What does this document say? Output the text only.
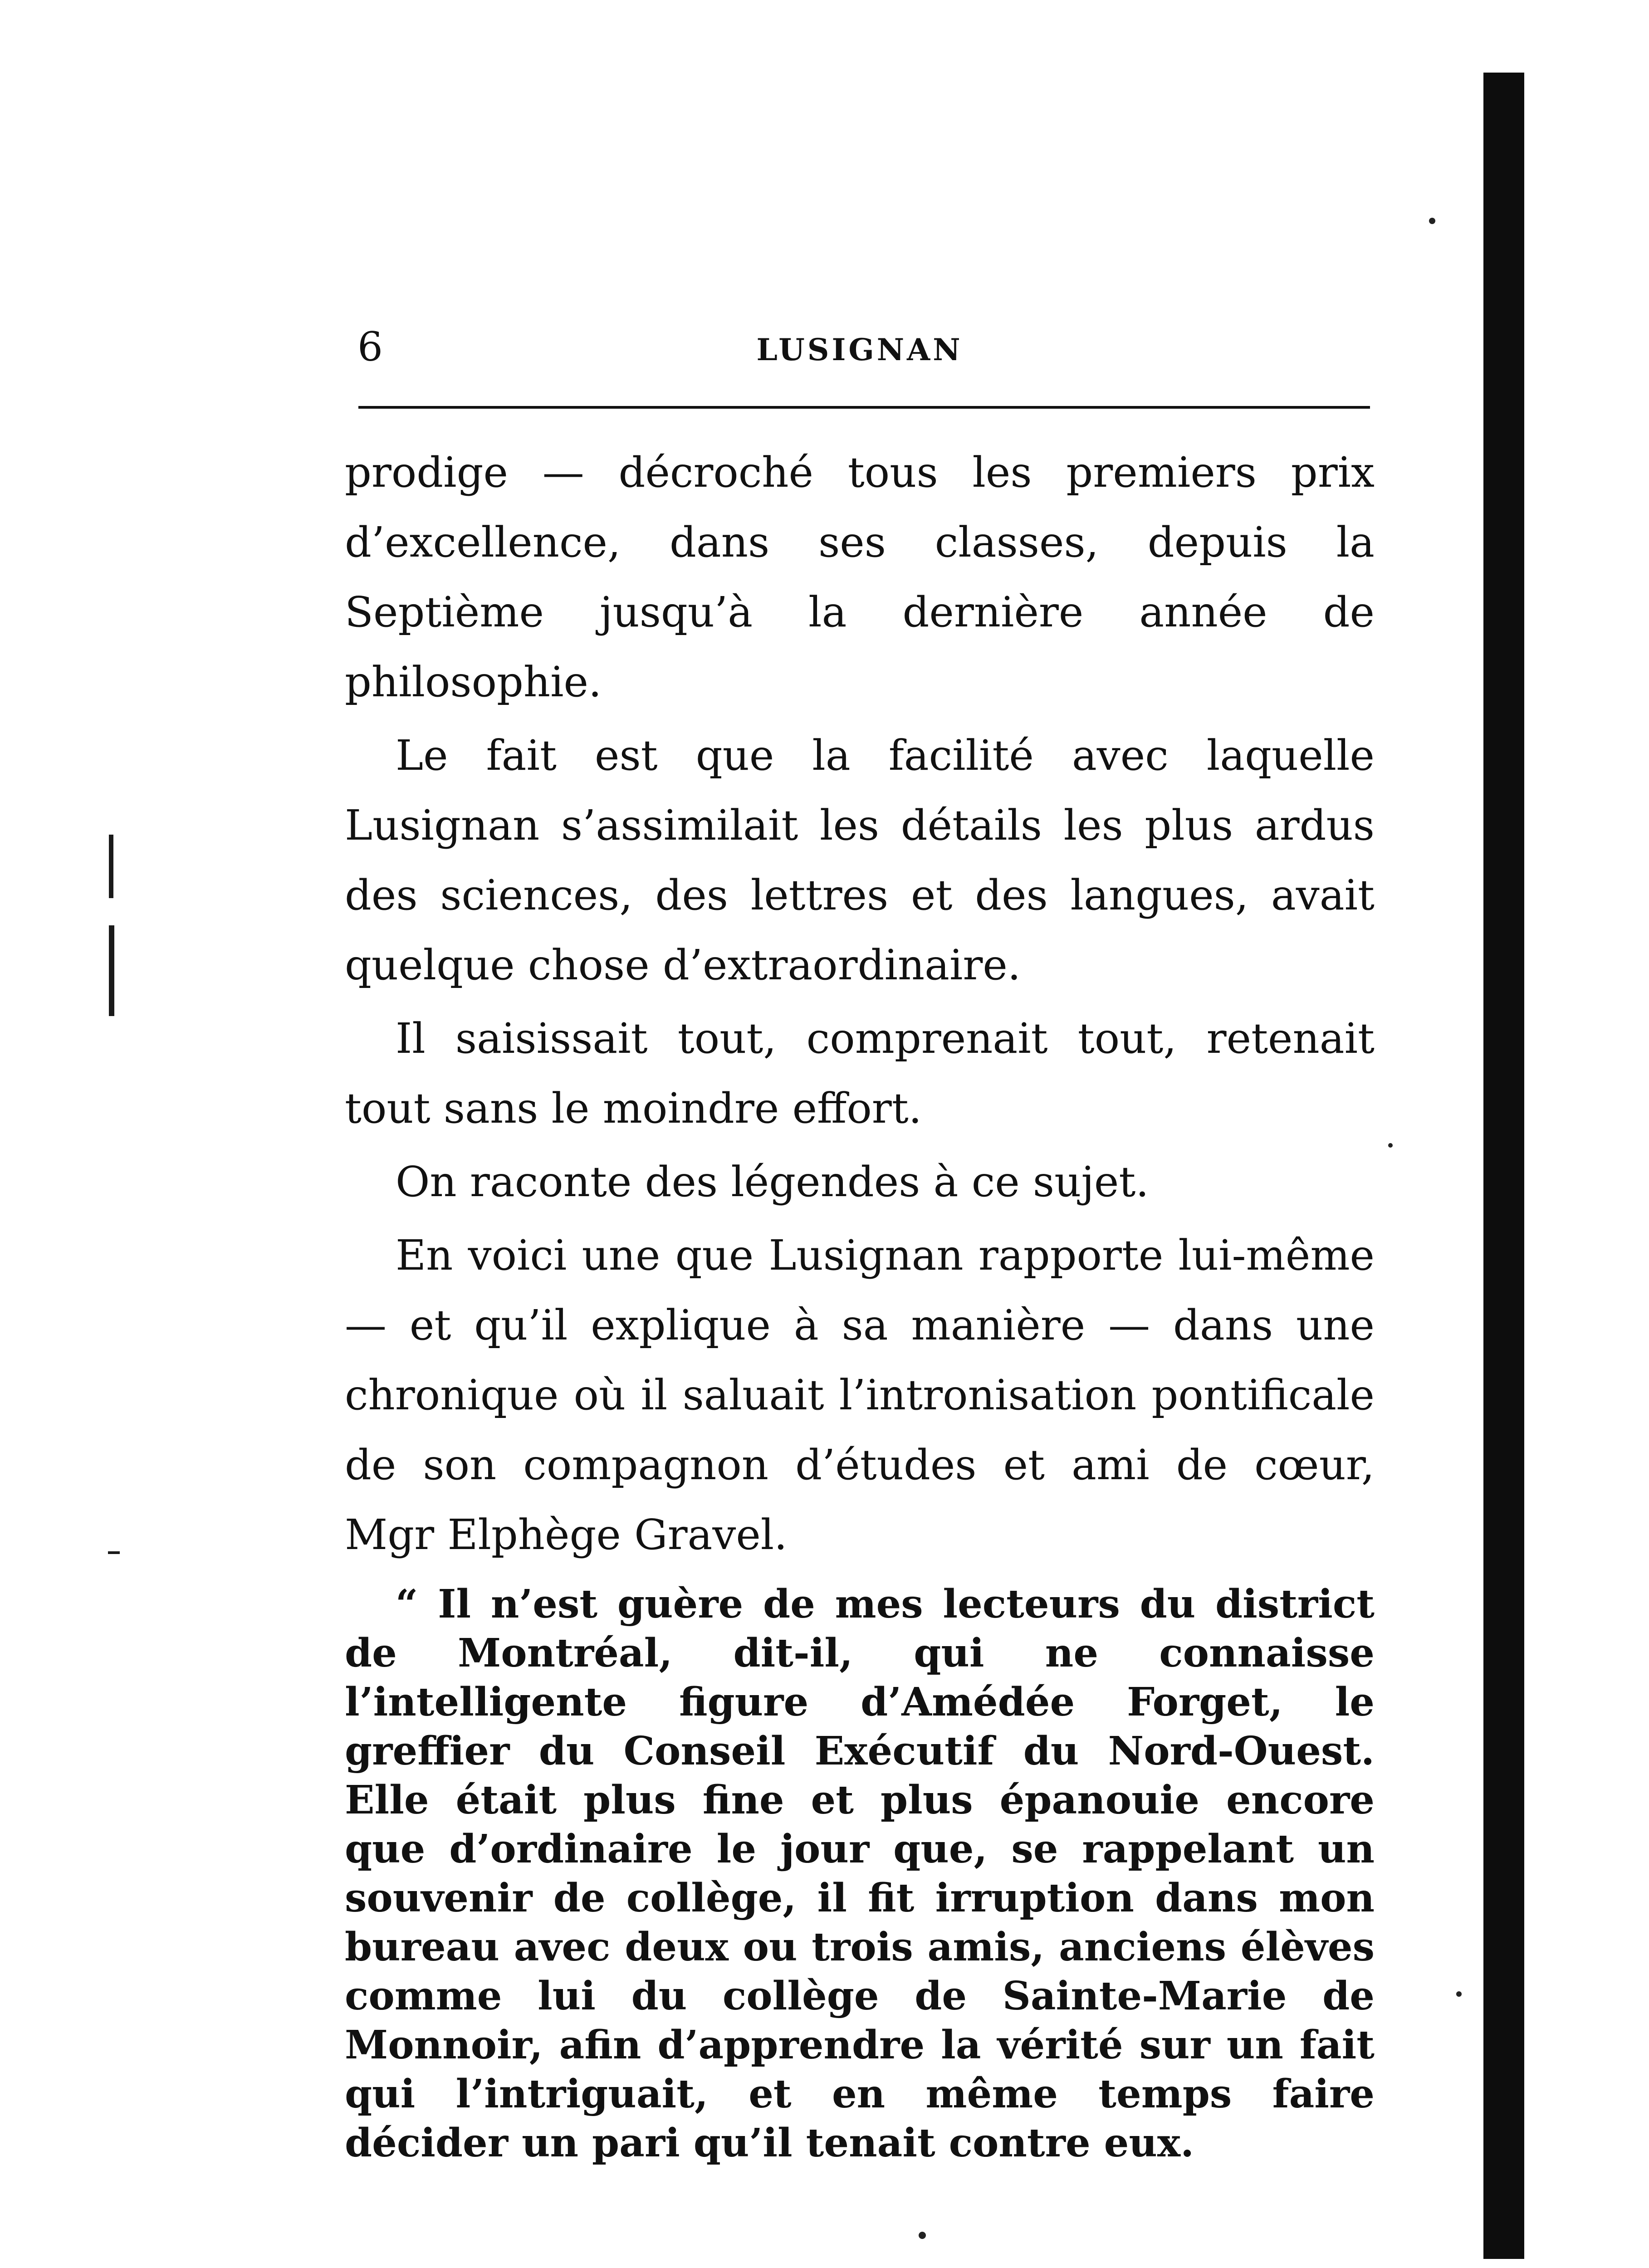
6	LUSIGNAN

prodige — décroché tous les premiers prix d’excellence, dans ses classes, depuis la Septième jusqu’à la dernière année de philosophie.

Le fait est que la facilité avec laquelle Lusignan s’assimilait les détails les plus ardus des sciences, des lettres et des langues, avait quelque chose d’extraordinaire.

Il saisissait tout, comprenait tout, retenait tout sans le moindre effort.

On raconte des légendes à ce sujet.

En voici une que Lusignan rapporte lui-même — et qu’il explique à sa manière — dans une chronique où il saluait l’intronisation pontificale de son compagnon d’études et ami de cœur, Mgr Elphège Gravel.

“ Il n’est guère de mes lecteurs du district de Montréal, dit-il, qui ne connaisse l’intelligente figure d’Amédée Forget, le greffier du Conseil Exécutif du Nord-Ouest. Elle était plus fine et plus épanouie encore que d’ordinaire le jour que, se rappelant un souvenir de collège, il fit irruption dans mon bureau avec deux ou trois amis, anciens élèves comme lui du collège de Sainte-Marie de Monnoir, afin d’apprendre la vérité sur un fait qui l’intriguait, et en même temps faire décider un pari qu’il tenait contre eux.
